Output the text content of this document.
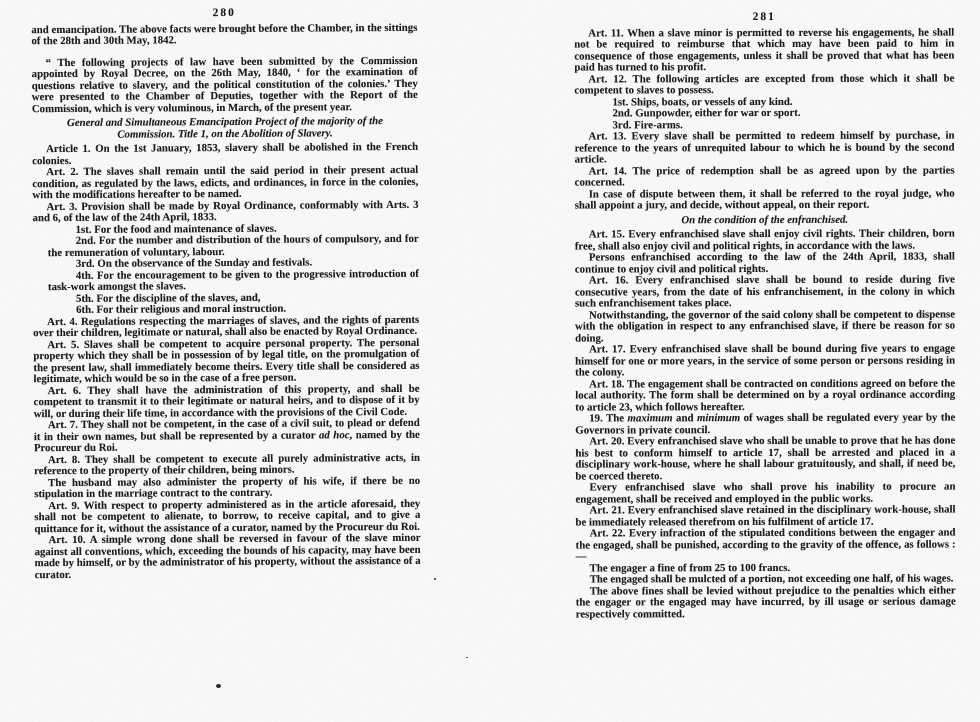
280

and emancipation. The above facts were brought before the Chamber, in the sittings of the 28th and 30th May, 1842.

“ The following projects of law have been submitted by the Commission appointed by Royal Decree, on the 26th May, 1840, ‘ for the examination of questions relative to slavery, and the political constitution of the colonies.’ They were presented to the Chamber of Deputies, together with the Report of the Commission, which is very voluminous, in March, of the present year.

General and Simultaneous Emancipation Project of the majority of the
Commission. Title 1, on the Abolition of Slavery.

Article 1. On the 1st January, 1853, slavery shall be abolished in the French colonies.

Art. 2. The slaves shall remain until the said period in their present actual condition, as regulated by the laws, edicts, and ordinances, in force in the colonies, with the modifications hereafter to be named.

Art. 3. Provision shall be made by Royal Ordinance, conformably with Arts. 3 and 6, of the law of the 24th April, 1833.

1st. For the food and maintenance of slaves.

2nd. For the number and distribution of the hours of compulsory, and for the remuneration of voluntary, labour.

3rd. On the observance of the Sunday and festivals.

4th. For the encouragement to be given to the progressive introduction of task-work amongst the slaves.

5th. For the discipline of the slaves, and,

6th. For their religious and moral instruction.

Art. 4. Regulations respecting the marriages of slaves, and the rights of parents over their children, legitimate or natural, shall also be enacted by Royal Ordinance.

Art. 5. Slaves shall be competent to acquire personal property. The personal property which they shall be in possession of by legal title, on the promulgation of the present law, shall immediately become theirs. Every title shall be considered as legitimate, which would be so in the case of a free person.

Art. 6. They shall have the administration of this property, and shall be competent to transmit it to their legitimate or natural heirs, and to dispose of it by will, or during their life time, in accordance with the provisions of the Civil Code.

Art. 7. They shall not be competent, in the case of a civil suit, to plead or defend it in their own names, but shall be represented by a curator ad hoc, named by the Procureur du Roi.

Art. 8. They shall be competent to execute all purely administrative acts, in reference to the property of their children, being minors.

The husband may also administer the property of his wife, if there be no stipulation in the marriage contract to the contrary.

Art. 9. With respect to property administered as in the article aforesaid, they shall not be competent to alienate, to borrow, to receive capital, and to give a quittance for it, without the assistance of a curator, named by the Procureur du Roi.

Art. 10. A simple wrong done shall be reversed in favour of the slave minor against all conventions, which, exceeding the bounds of his capacity, may have been made by himself, or by the administrator of his property, without the assistance of a curator.

281

Art. 11. When a slave minor is permitted to reverse his engagements, he shall not be required to reimburse that which may have been paid to him in consequence of those engagements, unless it shall be proved that what has been paid has turned to his profit.

Art. 12. The following articles are excepted from those which it shall be competent to slaves to possess.

1st. Ships, boats, or vessels of any kind.

2nd. Gunpowder, either for war or sport.

3rd. Fire-arms.

Art. 13. Every slave shall be permitted to redeem himself by purchase, in reference to the years of unrequited labour to which he is bound by the second article.

Art. 14. The price of redemption shall be as agreed upon by the parties concerned.

In case of dispute between them, it shall be referred to the royal judge, who shall appoint a jury, and decide, without appeal, on their report.

On the condition of the enfranchised.

Art. 15. Every enfranchised slave shall enjoy civil rights. Their children, born free, shall also enjoy civil and political rights, in accordance with the laws.

Persons enfranchised according to the law of the 24th April, 1833, shall continue to enjoy civil and political rights.

Art. 16. Every enfranchised slave shall be bound to reside during five consecutive years, from the date of his enfranchisement, in the colony in which such enfranchisement takes place.

Notwithstanding, the governor of the said colony shall be competent to dispense with the obligation in respect to any enfranchised slave, if there be reason for so doing.

Art. 17. Every enfranchised slave shall be bound during five years to engage himself for one or more years, in the service of some person or persons residing in the colony.

Art. 18. The engagement shall be contracted on conditions agreed on before the local authority. The form shall be determined on by a royal ordinance according to article 23, which follows hereafter.

19. The maximum and minimum of wages shall be regulated every year by the Governors in private council.

Art. 20. Every enfranchised slave who shall be unable to prove that he has done his best to conform himself to article 17, shall be arrested and placed in a disciplinary work-house, where he shall labour gratuitously, and shall, if need be, be coerced thereto.

Every enfranchised slave who shall prove his inability to procure an engagement, shall be received and employed in the public works.

Art. 21. Every enfranchised slave retained in the disciplinary work-house, shall be immediately released therefrom on his fulfilment of article 17.

Art. 22. Every infraction of the stipulated conditions between the engager and the engaged, shall be punished, according to the gravity of the offence, as follows :—

The engager a fine of from 25 to 100 francs.

The engaged shall be mulcted of a portion, not exceeding one half, of his wages.

The above fines shall be levied without prejudice to the penalties which either the engager or the engaged may have incurred, by ill usage or serious damage respectively committed.
